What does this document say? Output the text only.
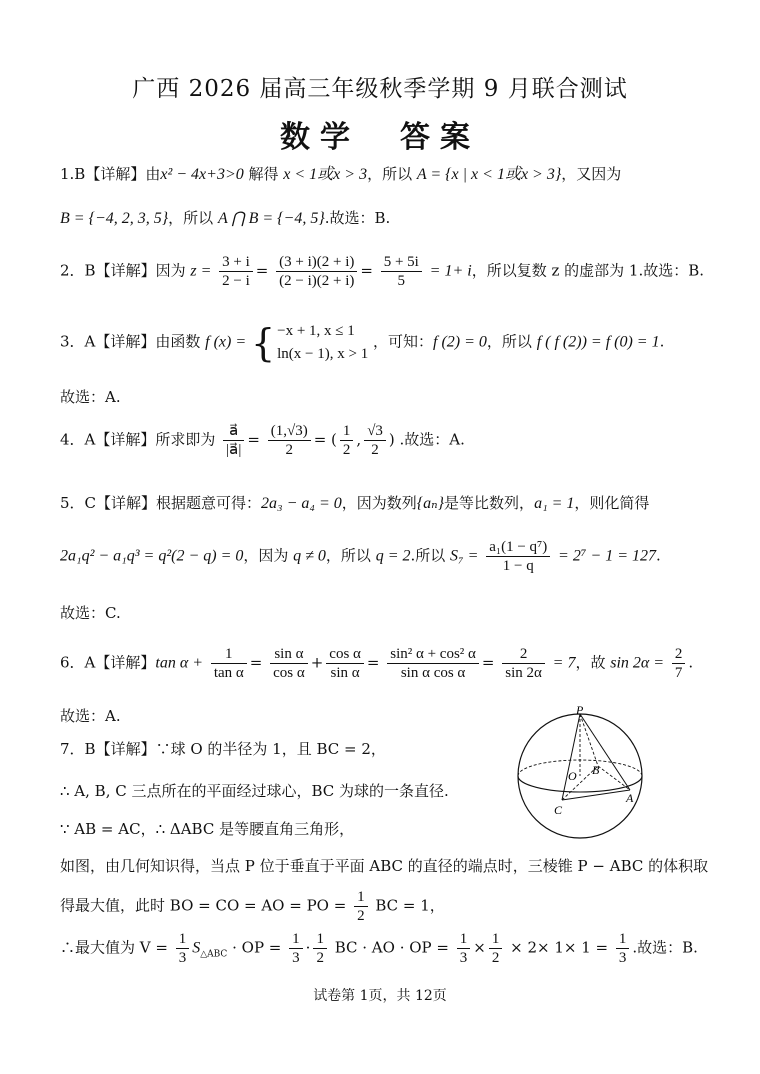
广西 2026 届高三年级秋季学期 9 月联合测试
数学　答案
1.B【详解】由x² − 4x+3>0 解得 x < 1或x > 3，所以 A = {x | x < 1或x > 3}，又因为
B = {−4, 2, 3, 5}，所以 A ⋂ B = {−4, 5}.故选：B.
2．B【详解】因为 $z = \frac{3 + i}{2 - i} = \frac{(3 + i)(2 + i)}{(2 - i)(2 + i)} = \frac{5 + 5i}{5} = 1+ i$，所以复数 z 的虚部为 1.故选：B.
3．A【详解】由函数 f (x) = { −x + 1, x ≤ 1
ln(x − 1), x > 1
，可知：f (2) = 0，所以 f ( f (2)) = f (0) = 1.
故选：A.
4．A【详解】所求即为 $\frac{a⃗}{|a⃗|} = \frac{(1,√3)}{2}$ = ( $\frac{1}{2}$ , $\frac{√3}{2}$ ) .故选：A.
5．C【详解】根据题意可得：2a₃ − a₄ = 0，因为数列{aₙ}是等比数列，a₁ = 1，则化简得
2a₁q² − a₁q³ = q²(2 − q) = 0，因为 q ≠ 0，所以 q = 2.所以 $S_7 = \frac{\text{a₁(1 − q⁷)}}{1 - q} = 2^7 - 1 = 127$.
故选：C.
6．A【详解】$\tan \alpha + \frac{1}{\text{tan α}} = \frac{\text{sin α}}{\text{cos α}} + \frac{\text{cos α}}{\text{sin α}} = \frac{\text{sin² α + cos² α}}{\text{sin α cos α}} = \frac{2}{\sin 2\alpha} = 7$，故 $\sin 2\alpha = \frac{2}{7}$ .
故选：A.
7．B【详解】∵球 O 的半径为 1，且 BC = 2，
∴ A, B, C 三点所在的平面经过球心，BC 为球的一条直径.
∵ AB = AC，∴ ΔABC 是等腰直角三角形，
如图，由几何知识得，当点 P 位于垂直于平面 ABC 的直径的端点时，三棱锥 P − ABC 的体积取
得最大值，此时 BO = CO = AO = PO = $\frac{1}{2}$ BC = 1，
∴最大值为 $V = \frac{1}{3} S_{\triangle ABC}$ · OP = $\frac{1}{3} \cdot \frac{1}{2}$ BC · AO · OP = $\frac{1}{3} \times \frac{1}{2} \times 2\times 1\times 1 = \frac{1}{3}$ .故选：B.
P
O B
C
A
试卷第 1页，共 12页
